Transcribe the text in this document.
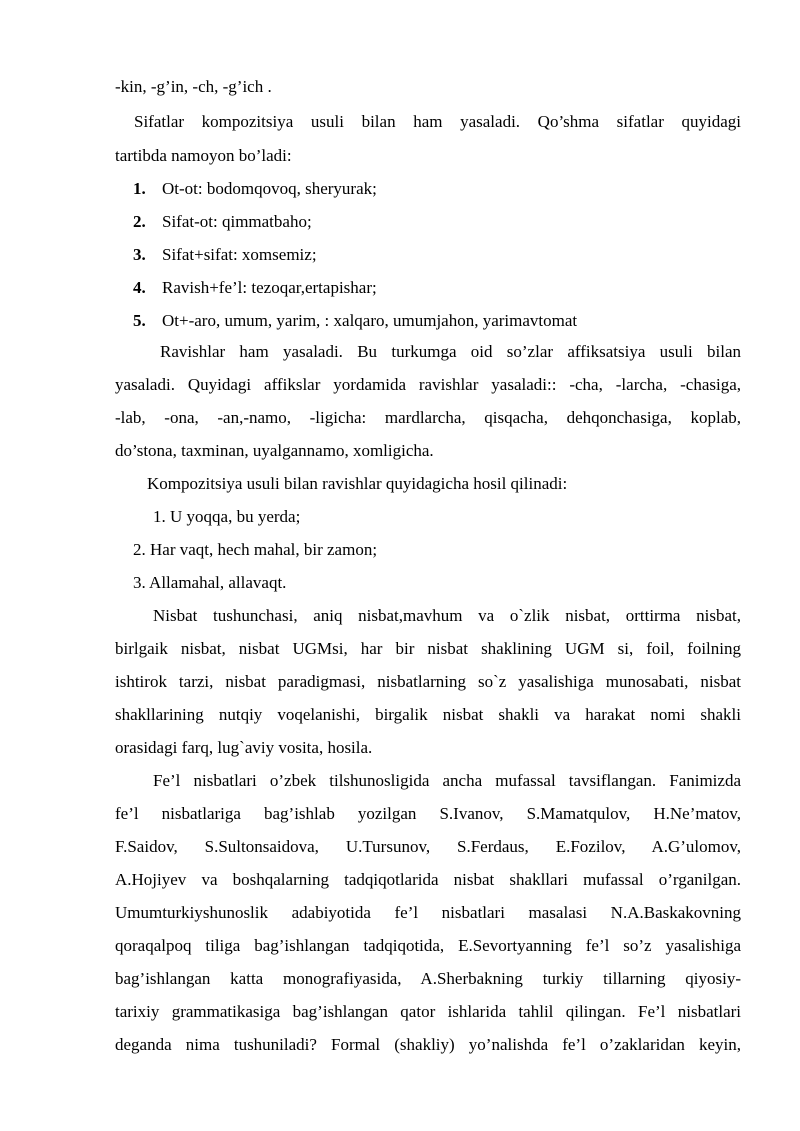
-kin, -g’in, -ch, -g’ich .
Sifatlar kompozitsiya usuli bilan ham yasaladi. Qo’shma sifatlar quyidagi
tartibda namoyon bo’ladi:
1. Ot-ot: bodomqovoq, sheryurak;
2. Sifat-ot: qimmatbaho;
3. Sifat+sifat: xomsemiz;
4. Ravish+fe’l: tezoqar,ertapishar;
5. Ot+-aro, umum, yarim, : xalqaro, umumjahon, yarimavtomat
Ravishlar ham yasaladi. Bu turkumga oid so’zlar affiksatsiya usuli bilan
yasaladi. Quyidagi affikslar yordamida ravishlar yasaladi:: -cha, -larcha, -chasiga,
-lab, -ona, -an,-namo, -ligicha: mardlarcha, qisqacha, dehqonchasiga, koplab,
do’stona, taxminan, uyalgannamo, xomligicha.
Kompozitsiya usuli bilan ravishlar quyidagicha hosil qilinadi:
1. U yoqqa, bu yerda;
2. Har vaqt, hech mahal, bir zamon;
3. Allamahal, allavaqt.
Nisbat tushunchasi, aniq nisbat,mavhum va o`zlik nisbat, orttirma nisbat,
birlgaik nisbat, nisbat UGMsi, har bir nisbat shaklining UGM si, foil, foilning
ishtirok tarzi, nisbat paradigmasi, nisbatlarning so`z yasalishiga munosabati, nisbat
shakllarining nutqiy voqelanishi, birgalik nisbat shakli va harakat nomi shakli
orasidagi farq, lug`aviy vosita, hosila.
Fe’l nisbatlari o’zbek tilshunosligida ancha mufassal tavsiflangan. Fanimizda
fe’l nisbatlariga bag’ishlab yozilgan S.Ivanov, S.Mamatqulov, H.Ne’matov,
F.Saidov, S.Sultonsaidova, U.Tursunov, S.Ferdaus, E.Fozilov, A.G’ulomov,
A.Hojiyev va boshqalarning tadqiqotlarida nisbat shakllari mufassal o’rganilgan.
Umumturkiyshunoslik adabiyotida fe’l nisbatlari masalasi N.A.Baskakovning
qoraqalpoq tiliga bag’ishlangan tadqiqotida, E.Sevortyanning fe’l so’z yasalishiga
bag’ishlangan katta monografiyasida, A.Sherbakning turkiy tillarning qiyosiy-
tarixiy grammatikasiga bag’ishlangan qator ishlarida tahlil qilingan. Fe’l nisbatlari
deganda nima tushuniladi? Formal (shakliy) yo’nalishda fe’l o’zaklaridan keyin,
